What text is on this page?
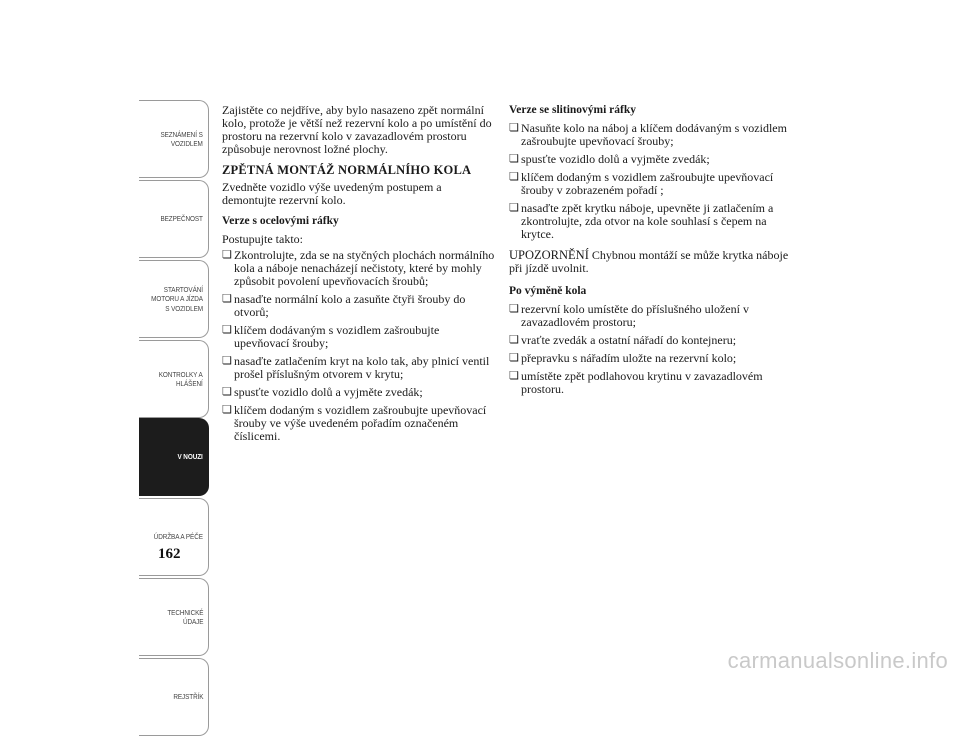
SEZNÁMENÍ S
VOZIDLEM
BEZPEČNOST
STARTOVÁNÍ
MOTORU A JÍZDA
S VOZIDLEM
KONTROLKY A
HLÁŠENÍ
V NOUZI
ÚDRŽBA A PÉČE
TECHNICKÉ
ÚDAJE
REJSTŘÍK
162

Zajistěte co nejdříve, aby bylo nasazeno zpět normální kolo, protože je větší než rezervní kolo a po umístění do prostoru na rezervní kolo v zavazadlovém prostoru způsobuje nerovnost ložné plochy.

ZPĚTNÁ MONTÁŽ NORMÁLNÍHO KOLA

Zvedněte vozidlo výše uvedeným postupem a demontujte rezervní kolo.

Verze s ocelovými ráfky

Postupujte takto:

❏ Zkontrolujte, zda se na styčných plochách normálního kola a náboje nenacházejí nečistoty, které by mohly způsobit povolení upevňovacích šroubů;
❏ nasaďte normální kolo a zasuňte čtyři šrouby do otvorů;
❏ klíčem dodávaným s vozidlem zašroubujte upevňovací šrouby;
❏ nasaďte zatlačením kryt na kolo tak, aby plnicí ventil prošel příslušným otvorem v krytu;
❏ spusťte vozidlo dolů a vyjměte zvedák;
❏ klíčem dodaným s vozidlem zašroubujte upevňovací šrouby ve výše uvedeném pořadím označeném číslicemi.
Verze se slitinovými ráfky
❏ Nasuňte kolo na náboj a klíčem dodávaným s vozidlem zašroubujte upevňovací šrouby;
❏ spusťte vozidlo dolů a vyjměte zvedák;
❏ klíčem dodaným s vozidlem zašroubujte upevňovací šrouby v zobrazeném pořadí ;
❏ nasaďte zpět krytku náboje, upevněte ji zatlačením a zkontrolujte, zda otvor na kole souhlasí s čepem na krytce.

UPOZORNĚNÍ Chybnou montáží se může krytka náboje při jízdě uvolnit.

Po výměně kola
❏ rezervní kolo umístěte do příslušného uložení v zavazadlovém prostoru;
❏ vraťte zvedák a ostatní nářadí do kontejneru;
❏ přepravku s nářadím uložte na rezervní kolo;
❏ umístěte zpět podlahovou krytinu v zavazadlovém prostoru.
carmanualsonline.info
